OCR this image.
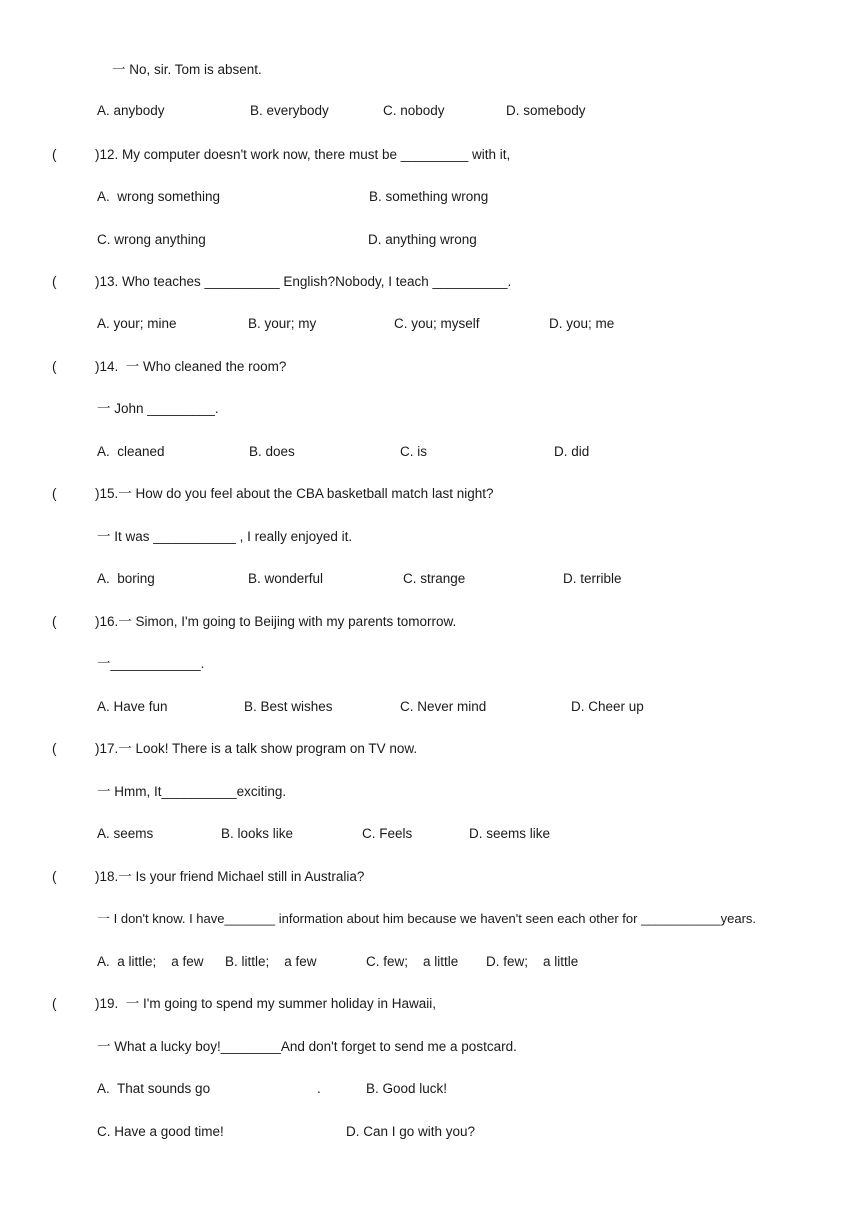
一 No, sir. Tom is absent.
A. anybody	B. everybody	C. nobody	D. somebody
(	)12. My computer doesn't work now, there must be _________ with it,
A.  wrong something	B. something wrong
C. wrong anything	D. anything wrong
(	)13. Who teaches __________ English?Nobody, I teach __________.
A. your; mine	B. your; my	C. you; myself	D. you; me
(	)14.  一 Who cleaned the room?
一 John _________.
A.  cleaned	B. does	C. is	D. did
(	)15.一 How do you feel about the CBA basketball match last night?
一 It was ___________ , I really enjoyed it.
A.  boring	B. wonderful	C. strange	D. terrible
(	)16.一 Simon, I'm going to Beijing with my parents tomorrow.
一____________.
A. Have fun	B. Best wishes	C. Never mind	D. Cheer up
(	)17.一 Look! There is a talk show program on TV now.
一 Hmm, It__________exciting.
A. seems	B. looks like	C. Feels	D. seems like
(	)18.一 Is your friend Michael still in Australia?
一 I don't know. I have_______ information about him because we haven't seen each other for ___________years.
A.  a little;    a few B. little;    a few	C. few;    a little D. few;    a little
(	)19.  一 I'm going to spend my summer holiday in Hawaii,
一 What a lucky boy!________And don't forget to send me a postcard.
A.  That sounds go	.	B. Good luck!
C. Have a good time!	D. Can I go with you?
